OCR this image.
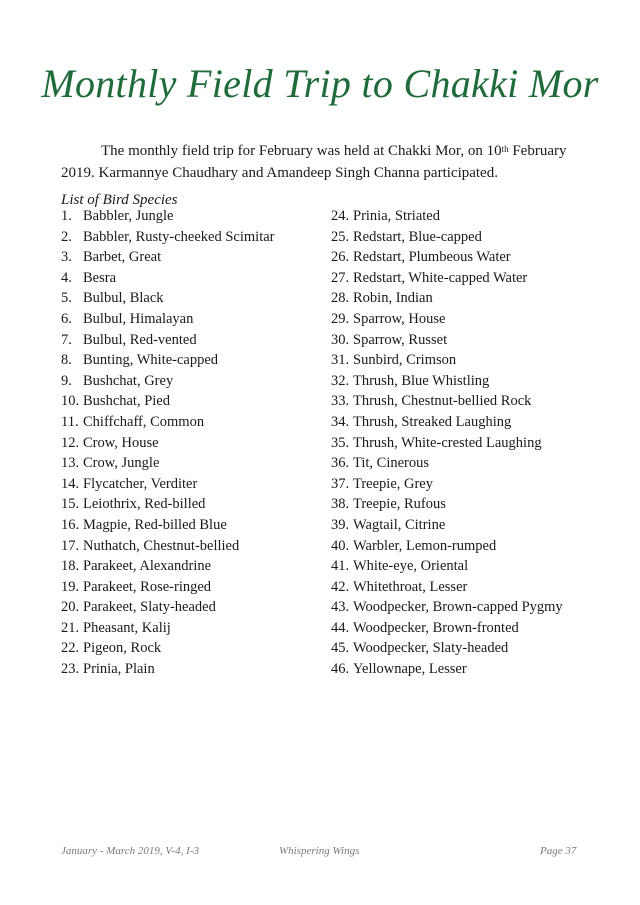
Monthly Field Trip to Chakki Mor

The monthly field trip for February was held at Chakki Mor, on 10th February 2019. Karmannye Chaudhary and Amandeep Singh Channa participated.

List of Bird Species
1. Babbler, Jungle
2. Babbler, Rusty-cheeked Scimitar
3. Barbet, Great
4. Besra
5. Bulbul, Black
6. Bulbul, Himalayan
7. Bulbul, Red-vented
8. Bunting, White-capped
9. Bushchat, Grey
10. Bushchat, Pied
11. Chiffchaff, Common
12. Crow, House
13. Crow, Jungle
14. Flycatcher, Verditer
15. Leiothrix, Red-billed
16. Magpie, Red-billed Blue
17. Nuthatch, Chestnut-bellied
18. Parakeet, Alexandrine
19. Parakeet, Rose-ringed
20. Parakeet, Slaty-headed
21. Pheasant, Kalij
22. Pigeon, Rock
23. Prinia, Plain
24. Prinia, Striated
25. Redstart, Blue-capped
26. Redstart, Plumbeous Water
27. Redstart, White-capped Water
28. Robin, Indian
29. Sparrow, House
30. Sparrow, Russet
31. Sunbird, Crimson
32. Thrush, Blue Whistling
33. Thrush, Chestnut-bellied Rock
34. Thrush, Streaked Laughing
35. Thrush, White-crested Laughing
36. Tit, Cinerous
37. Treepie, Grey
38. Treepie, Rufous
39. Wagtail, Citrine
40. Warbler, Lemon-rumped
41. White-eye, Oriental
42. Whitethroat, Lesser
43. Woodpecker, Brown-capped Pygmy
44. Woodpecker, Brown-fronted
45. Woodpecker, Slaty-headed
46. Yellownape, Lesser
January - March 2019, V-4, I-3	Whispering Wings	Page 37
